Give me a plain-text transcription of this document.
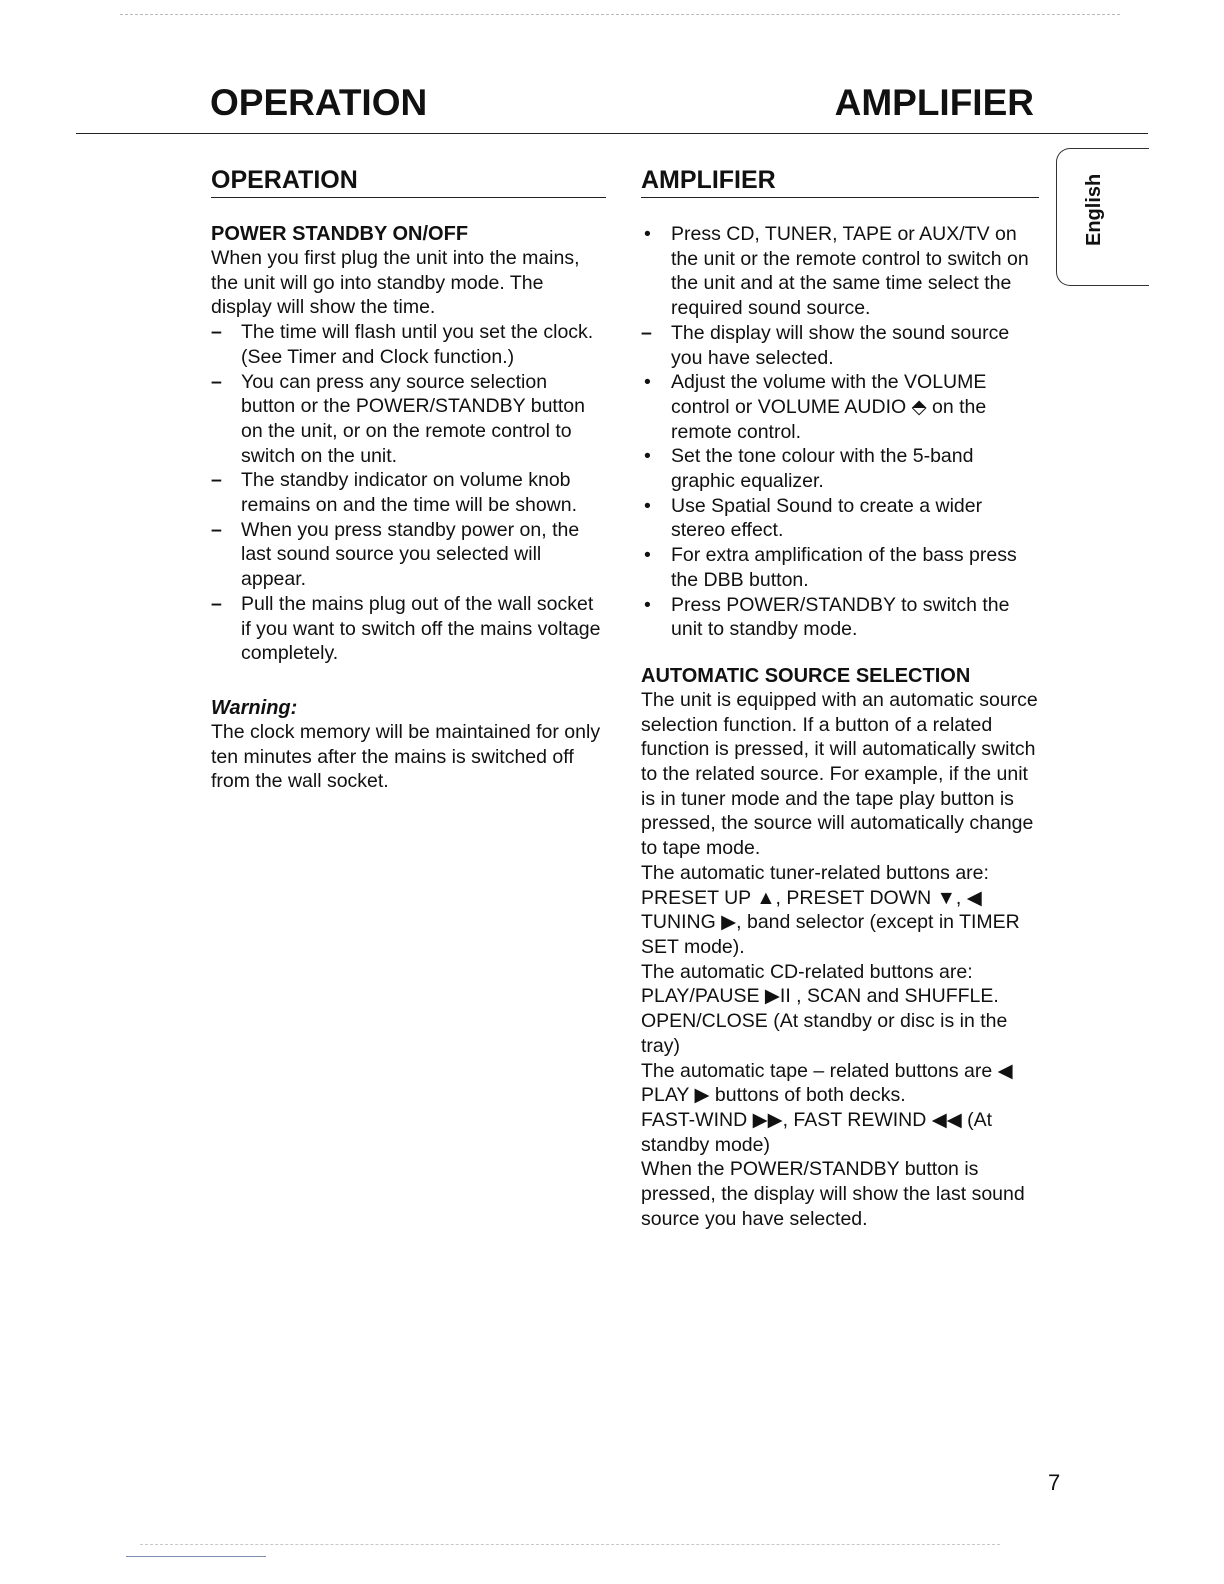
OPERATION	AMPLIFIER
English
OPERATION
POWER STANDBY ON/OFF

When you first plug the unit into the mains, the unit will go into standby mode. The display will show the time.

– The time will flash until you set the clock. (See Timer and Clock function.)
– You can press any source selection button or the POWER/STANDBY button on the unit, or on the remote control to switch on the unit.
– The standby indicator on volume knob remains on and the time will be shown.
– When you press standby power on, the last sound source you selected will appear.
– Pull the mains plug out of the wall socket if you want to switch off the mains voltage completely.
Warning:

The clock memory will be maintained for only ten minutes after the mains is switched off from the wall socket.

AMPLIFIER
• Press CD, TUNER, TAPE or AUX/TV on the unit or the remote control to switch on the unit and at the same time select the required sound source.
– The display will show the sound source you have selected.
• Adjust the volume with the VOLUME control or VOLUME AUDIO ⬘ on the remote control.
• Set the tone colour with the 5-band graphic equalizer.
• Use Spatial Sound to create a wider stereo effect.
• For extra amplification of the bass press the DBB button.
• Press POWER/STANDBY to switch the unit to standby mode.
AUTOMATIC SOURCE SELECTION

The unit is equipped with an automatic source selection function. If a button of a related function is pressed, it will automatically switch to the related source. For example, if the unit is in tuner mode and the tape play button is pressed, the source will automatically change to tape mode.

The automatic tuner-related buttons are:

PRESET UP ▲, PRESET DOWN ▼, ◀ TUNING ▶, band selector (except in TIMER SET mode).

The automatic CD-related buttons are:

PLAY/PAUSE ▶II , SCAN and SHUFFLE.

OPEN/CLOSE (At standby or disc is in the tray)

The automatic tape – related buttons are ◀ PLAY ▶ buttons of both decks.

FAST-WIND ▶▶, FAST REWIND ◀◀ (At standby mode)

When the POWER/STANDBY button is pressed, the display will show the last sound source you have selected.

7
